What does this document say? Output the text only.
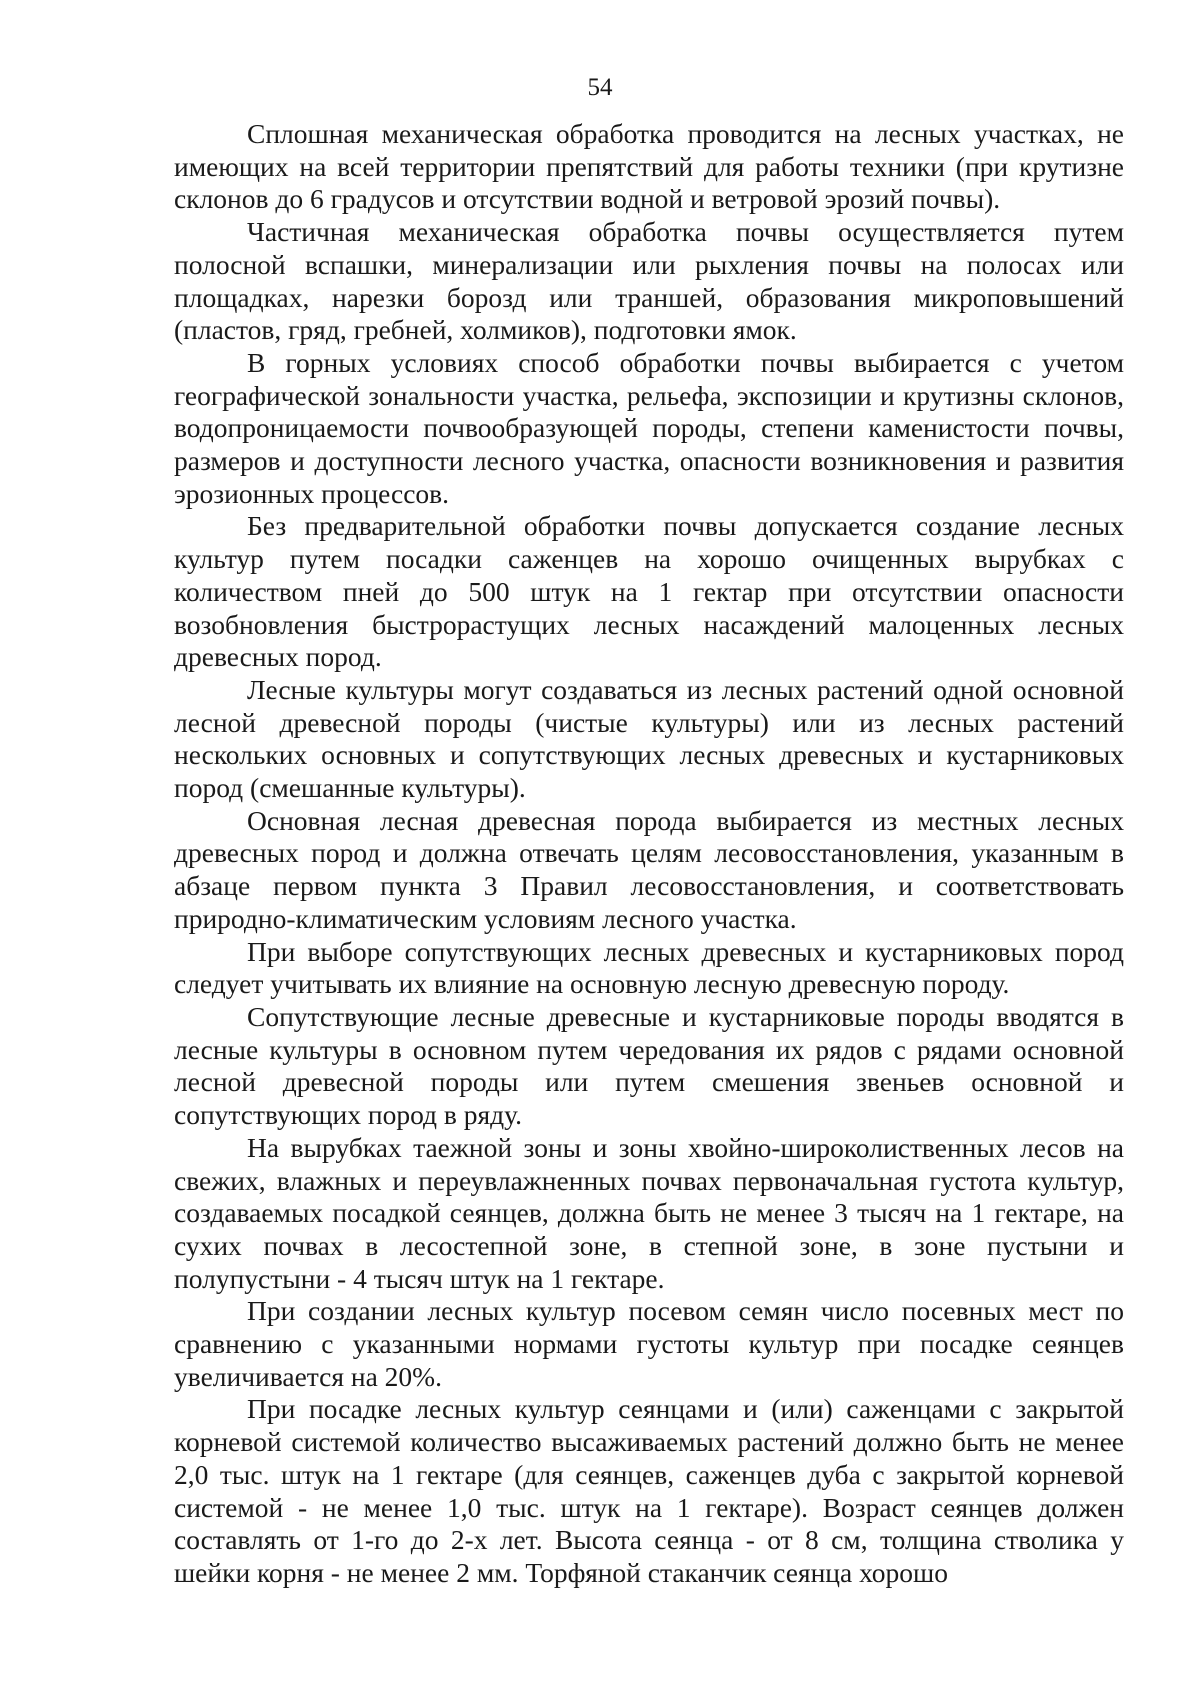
54

Сплошная механическая обработка проводится на лесных участках, не имеющих на всей территории препятствий для работы техники (при крутизне склонов до 6 градусов и отсутствии водной и ветровой эрозий почвы).

Частичная механическая обработка почвы осуществляется путем полосной вспашки, минерализации или рыхления почвы на полосах или площадках, нарезки борозд или траншей, образования микроповышений (пластов, гряд, гребней, холмиков), подготовки ямок.

В горных условиях способ обработки почвы выбирается с учетом географической зональности участка, рельефа, экспозиции и крутизны склонов, водопроницаемости почвообразующей породы, степени каменистости почвы, размеров и доступности лесного участка, опасности возникновения и развития эрозионных процессов.

Без предварительной обработки почвы допускается создание лесных культур путем посадки саженцев на хорошо очищенных вырубках с количеством пней до 500 штук на 1 гектар при отсутствии опасности возобновления быстрорастущих лесных насаждений малоценных лесных древесных пород.

Лесные культуры могут создаваться из лесных растений одной основной лесной древесной породы (чистые культуры) или из лесных растений нескольких основных и сопутствующих лесных древесных и кустарниковых пород (смешанные культуры).

Основная лесная древесная порода выбирается из местных лесных древесных пород и должна отвечать целям лесовосстановления, указанным в абзаце первом пункта 3 Правил лесовосстановления, и соответствовать природно-климатическим условиям лесного участка.

При выборе сопутствующих лесных древесных и кустарниковых пород следует учитывать их влияние на основную лесную древесную породу.

Сопутствующие лесные древесные и кустарниковые породы вводятся в лесные культуры в основном путем чередования их рядов с рядами основной лесной древесной породы или путем смешения звеньев основной и сопутствующих пород в ряду.

На вырубках таежной зоны и зоны хвойно-широколиственных лесов на свежих, влажных и переувлажненных почвах первоначальная густота культур, создаваемых посадкой сеянцев, должна быть не менее 3 тысяч на 1 гектаре, на сухих почвах в лесостепной зоне, в степной зоне, в зоне пустыни и полупустыни - 4 тысяч штук на 1 гектаре.

При создании лесных культур посевом семян число посевных мест по сравнению с указанными нормами густоты культур при посадке сеянцев увеличивается на 20%.

При посадке лесных культур сеянцами и (или) саженцами с закрытой корневой системой количество высаживаемых растений должно быть не менее 2,0 тыс. штук на 1 гектаре (для сеянцев, саженцев дуба с закрытой корневой системой - не менее 1,0 тыс. штук на 1 гектаре). Возраст сеянцев должен составлять от 1-го до 2-х лет. Высота сеянца - от 8 см, толщина стволика у шейки корня - не менее 2 мм. Торфяной стаканчик сеянца хорошо
